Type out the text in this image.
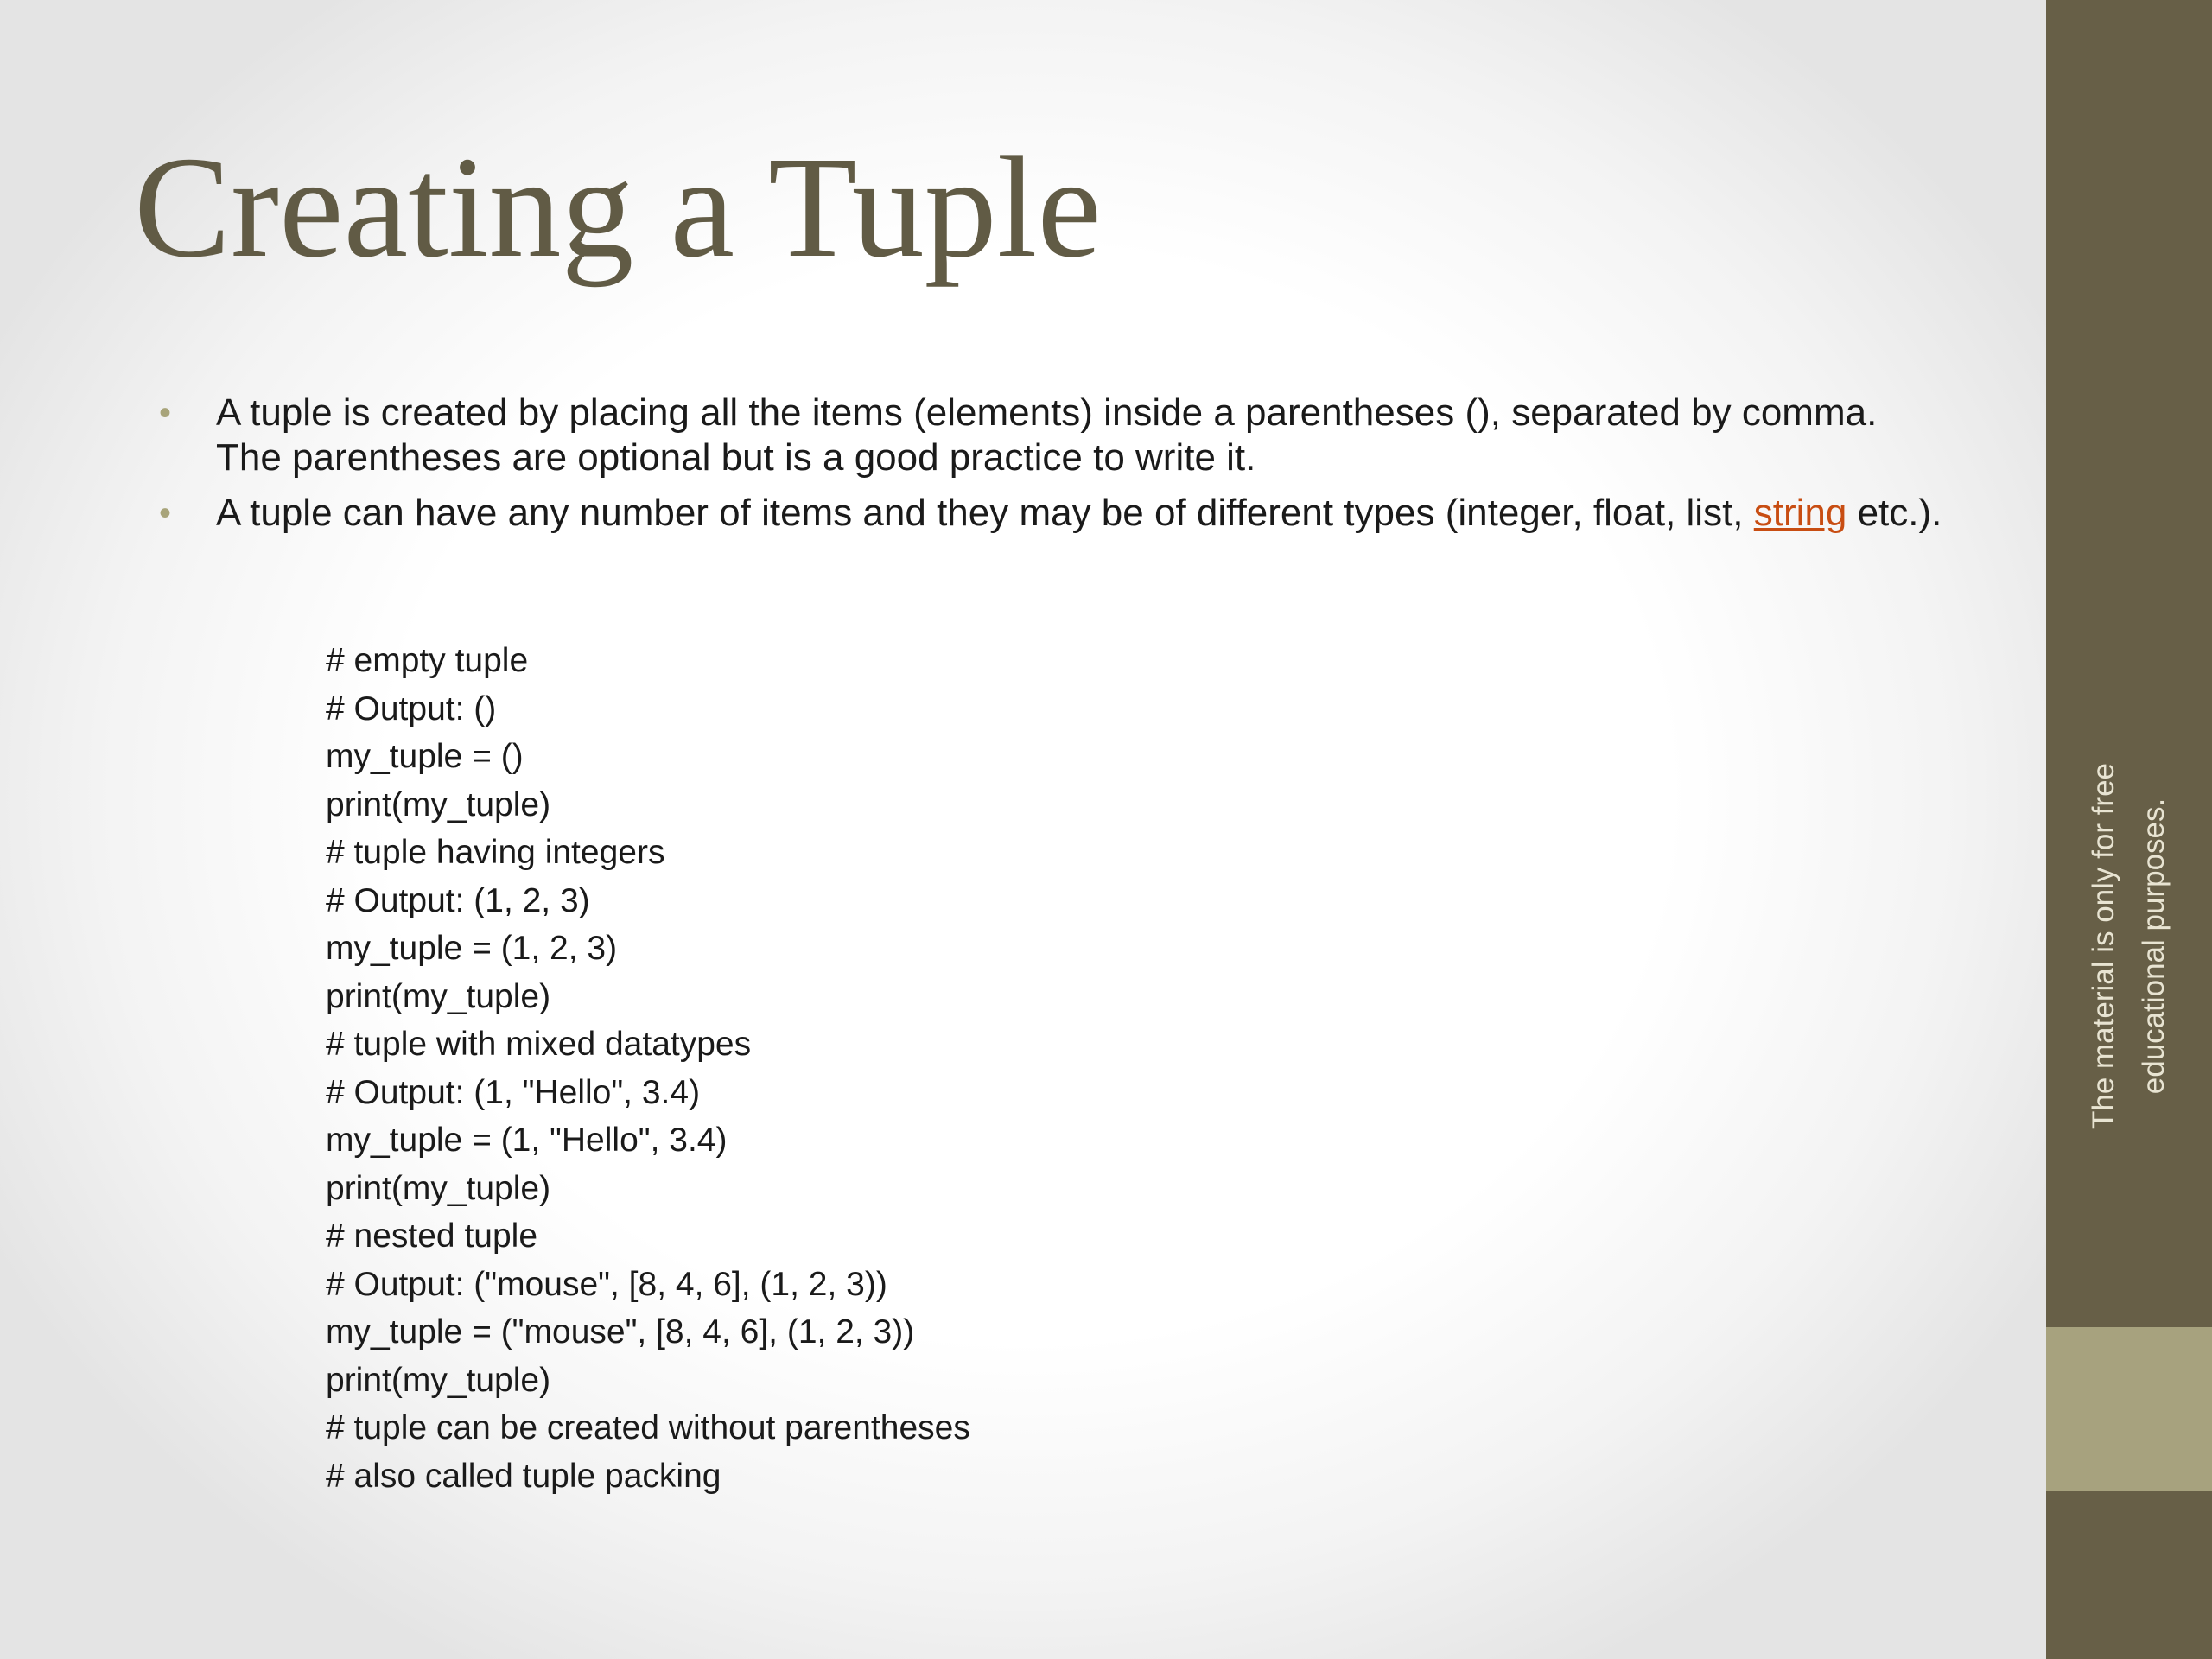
Creating a Tuple
• A tuple is created by placing all the items (elements) inside a parentheses (), separated by comma. The parentheses are optional but is a good practice to write it.
• A tuple can have any number of items and they may be of different types (integer, float, list, string etc.).
# empty tuple
# Output: ()
my_tuple = ()
print(my_tuple)
# tuple having integers
# Output: (1, 2, 3)
my_tuple = (1, 2, 3)
print(my_tuple)
# tuple with mixed datatypes
# Output: (1, "Hello", 3.4)
my_tuple = (1, "Hello", 3.4)
print(my_tuple)
# nested tuple
# Output: ("mouse", [8, 4, 6], (1, 2, 3))
my_tuple = ("mouse", [8, 4, 6], (1, 2, 3))
print(my_tuple)
# tuple can be created without parentheses
# also called tuple packing
The material is only for free educational purposes.
